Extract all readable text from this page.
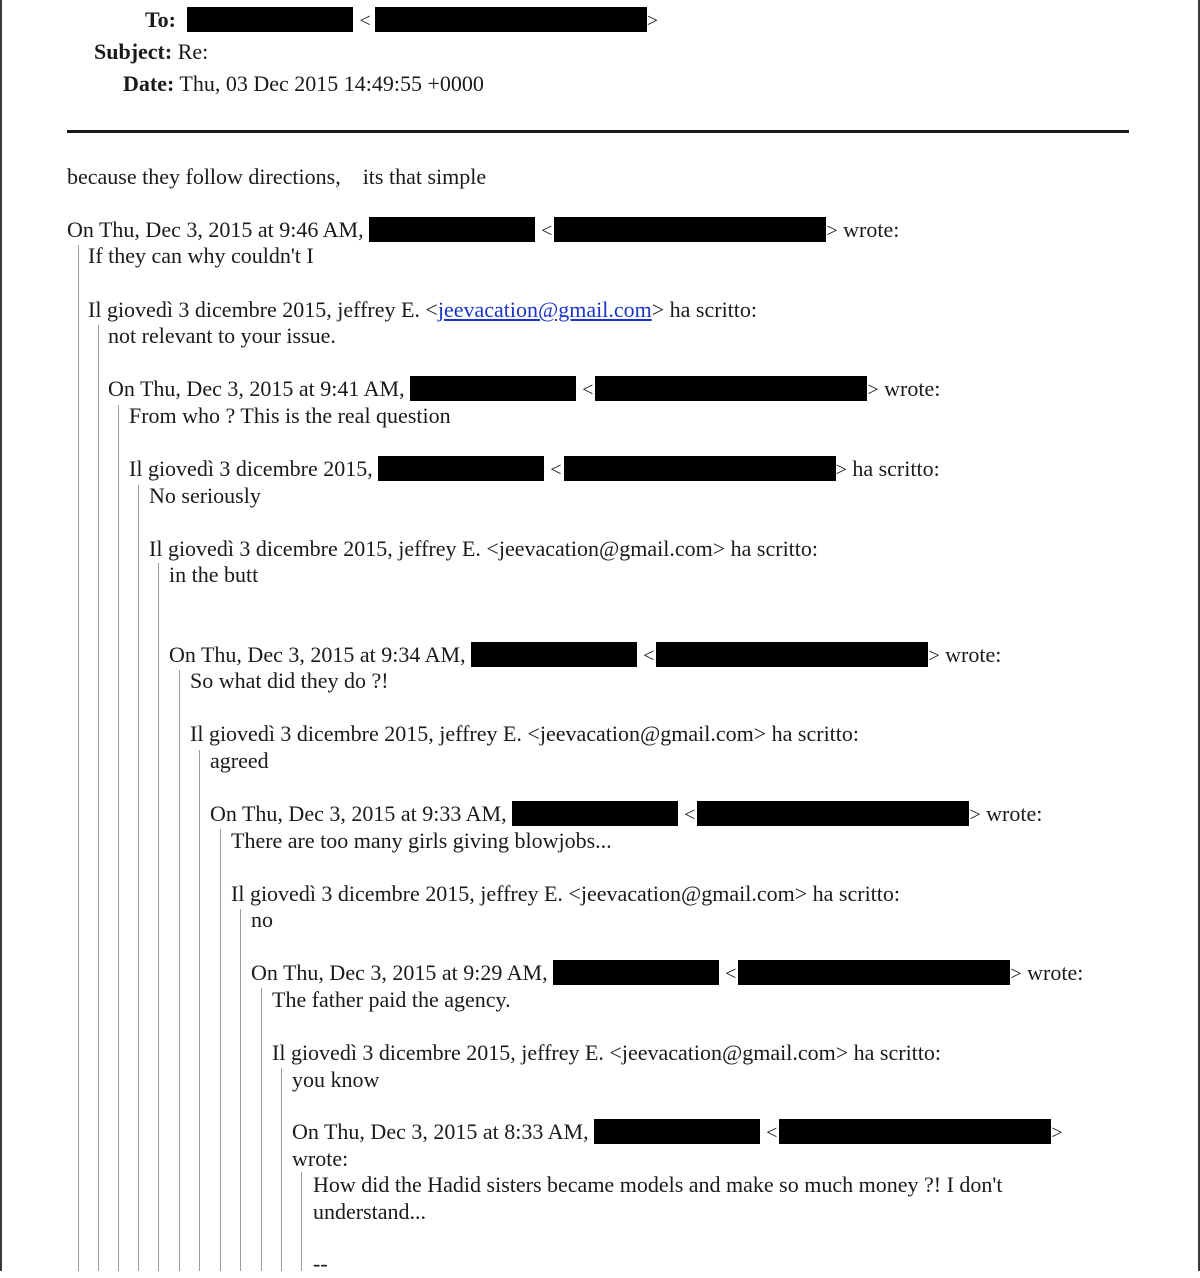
To:	<	>
Subject: Re:
Date: Thu, 03 Dec 2015 14:49:55 +0000
because they follow directions,    its that simple
On Thu, Dec 3, 2015 at 9:46 AM,	<	> wrote:
If they can why couldn't I
Il giovedì 3 dicembre 2015, jeffrey E. <jeevacation@gmail.com> ha scritto:
not relevant to your issue.
On Thu, Dec 3, 2015 at 9:41 AM,	<	> wrote:
From who ? This is the real question
Il giovedì 3 dicembre 2015,	<	> ha scritto:
No seriously
Il giovedì 3 dicembre 2015, jeffrey E. <jeevacation@gmail.com> ha scritto:
in the butt
On Thu, Dec 3, 2015 at 9:34 AM,	<	> wrote:
So what did they do ?!
Il giovedì 3 dicembre 2015, jeffrey E. <jeevacation@gmail.com> ha scritto:
agreed
On Thu, Dec 3, 2015 at 9:33 AM,	<	> wrote:
There are too many girls giving blowjobs...
Il giovedì 3 dicembre 2015, jeffrey E. <jeevacation@gmail.com> ha scritto:
no
On Thu, Dec 3, 2015 at 9:29 AM,	<	> wrote:
The father paid the agency.
Il giovedì 3 dicembre 2015, jeffrey E. <jeevacation@gmail.com> ha scritto:
you know
On Thu, Dec 3, 2015 at 8:33 AM,	<	>
wrote:
How did the Hadid sisters became models and make so much money ?! I don't
understand...
--
